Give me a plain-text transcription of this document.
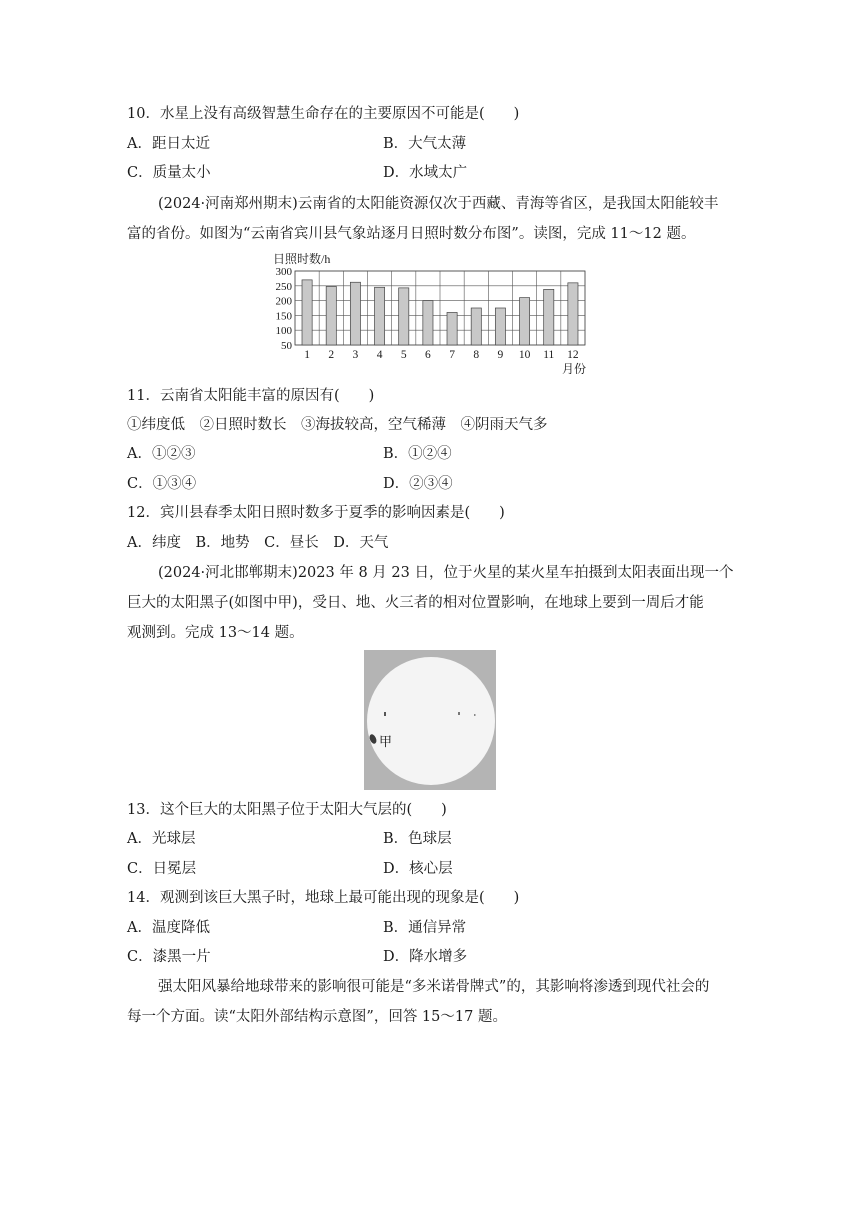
10．水星上没有高级智慧生命存在的主要原因不可能是(　　)
A．距日太近	B．大气太薄
C．质量太小	D．水域太广
(2024·河南郑州期末)云南省的太阳能资源仅次于西藏、青海等省区，是我国太阳能较丰
富的省份。如图为“云南省宾川县气象站逐月日照时数分布图”。读图，完成 11～12 题。
日照时数/h
50
100
150
200
250
300
1 2 3 4 5 6 7 8 9 10 11 12
月份
11．云南省太阳能丰富的原因有(　　)
①纬度低　②日照时数长　③海拔较高，空气稀薄　④阴雨天气多
A．①②③	B．①②④
C．①③④	D．②③④
12．宾川县春季太阳日照时数多于夏季的影响因素是(　　)
A．纬度　B．地势　C．昼长　D．天气
(2024·河北邯郸期末)2023 年 8 月 23 日，位于火星的某火星车拍摄到太阳表面出现一个
巨大的太阳黑子(如图中甲)，受日、地、火三者的相对位置影响，在地球上要到一周后才能
观测到。完成 13～14 题。
甲
13．这个巨大的太阳黑子位于太阳大气层的(　　)
A．光球层	B．色球层
C．日冕层	D．核心层
14．观测到该巨大黑子时，地球上最可能出现的现象是(　　)
A．温度降低	B．通信异常
C．漆黑一片	D．降水增多
强太阳风暴给地球带来的影响很可能是“多米诺骨牌式”的，其影响将渗透到现代社会的
每一个方面。读“太阳外部结构示意图”，回答 15～17 题。
